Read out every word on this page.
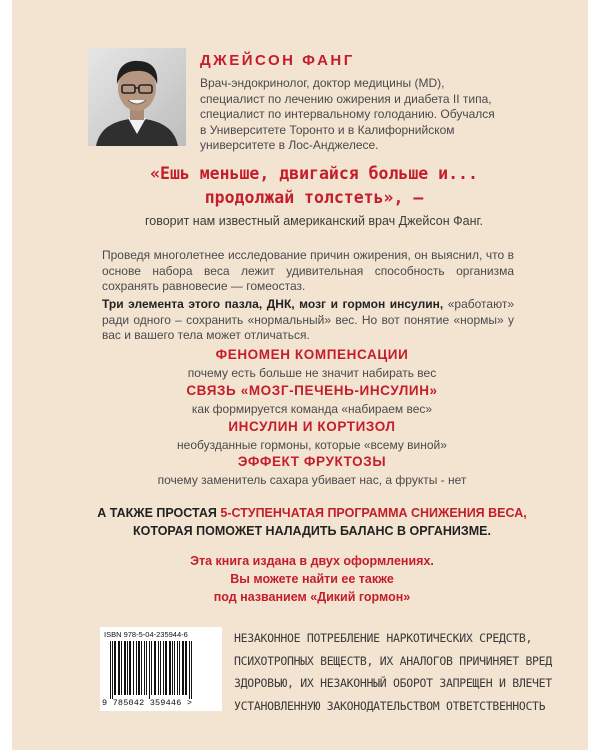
ДЖЕЙСОН ФАНГ
Врач-эндокринолог, доктор медицины (MD),
специалист по лечению ожирения и диабета II типа,
специалист по интервальному голоданию. Обучался
в Университете Торонто и в Калифорнийском
университете в Лос-Анджелесе.
«Ешь меньше, двигайся больше и...
продолжай толстеть», —
говорит нам известный американский врач Джейсон Фанг.
Проведя многолетнее исследование причин ожирения, он выяснил, что в основе набора веса лежит удивительная способность организма сохранять равновесие — гомеостаз.
Три элемента этого пазла, ДНК, мозг и гормон инсулин, «работают» ради одного – сохранить «нормальный» вес. Но вот понятие «нормы» у вас и вашего тела может отличаться.
ФЕНОМЕН КОМПЕНСАЦИИ
почему есть больше не значит набирать вес
СВЯЗЬ «МОЗГ-ПЕЧЕНЬ-ИНСУЛИН»
как формируется команда «набираем вес»
ИНСУЛИН И КОРТИЗОЛ
необузданные гормоны, которые «всему виной»
ЭФФЕКТ ФРУКТОЗЫ
почему заменитель сахара убивает нас, а фрукты - нет
А ТАКЖЕ ПРОСТАЯ 5-СТУПЕНЧАТАЯ ПРОГРАММА СНИЖЕНИЯ ВЕСА,
КОТОРАЯ ПОМОЖЕТ НАЛАДИТЬ БАЛАНС В ОРГАНИЗМЕ.
Эта книга издана в двух оформлениях.
Вы можете найти ее также
под названием «Дикий гормон»
ISBN 978-5-04-235944-6
9 785042 359446 >
НЕЗАКОННОЕ ПОТРЕБЛЕНИЕ НАРКОТИЧЕСКИХ СРЕДСТВ,
ПСИХОТРОПНЫХ ВЕЩЕСТВ, ИХ АНАЛОГОВ ПРИЧИНЯЕТ ВРЕД
ЗДОРОВЬЮ, ИХ НЕЗАКОННЫЙ ОБОРОТ ЗАПРЕЩЕН И ВЛЕЧЕТ
УСТАНОВЛЕННУЮ ЗАКОНОДАТЕЛЬСТВОМ ОТВЕТСТВЕННОСТЬ
